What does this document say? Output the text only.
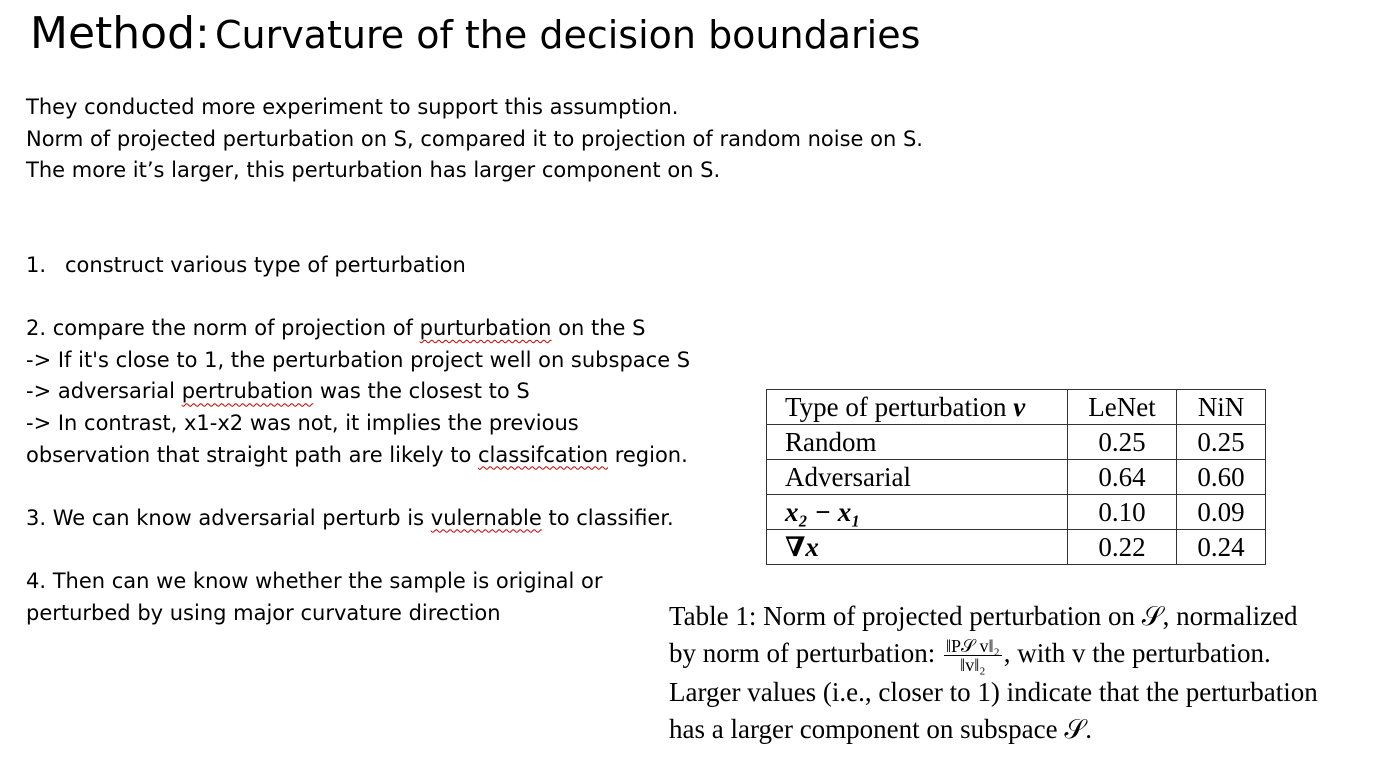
Method: Curvature of the decision boundaries
They conducted more experiment to support this assumption.
Norm of projected perturbation on S, compared it to projection of random noise on S.
The more it’s larger, this perturbation has larger component on S.
1. construct various type of perturbation
2. compare the norm of projection of purturbation on the S
-> If it's close to 1, the perturbation project well on subspace S
-> adversarial pertrubation was the closest to S
-> In contrast, x1-x2 was not, it implies the previous
observation that straight path are likely to classifcation region.
3. We can know adversarial perturb is vulernable to classifier.
4. Then can we know whether the sample is original or
perturbed by using major curvature direction
Type of perturbation v	LeNet	NiN
Random	0.25	0.25
Adversarial	0.64	0.60
x₂ − x₁	0.10	0.09
∇x	0.22	0.24
Table 1: Norm of projected perturbation on 𝒮, normalized
by norm of perturbation: $\frac{\text{‖P𝒮 v‖₂}}{\text{‖v‖₂}}$ , with v the perturbation.
Larger values (i.e., closer to 1) indicate that the perturbation
has a larger component on subspace 𝒮.
